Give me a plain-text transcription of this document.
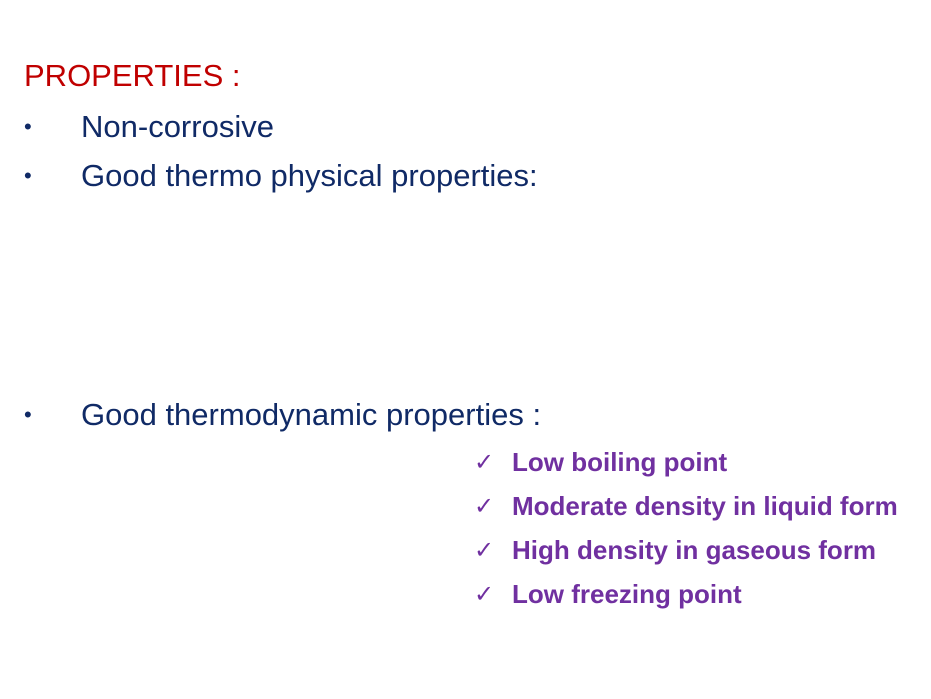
PROPERTIES :
•	Non-corrosive
•	Good thermo physical properties:
•	Good thermodynamic properties :
✓ Low boiling point
✓ Moderate density in liquid form
✓ High density in gaseous form
✓ Low freezing point
